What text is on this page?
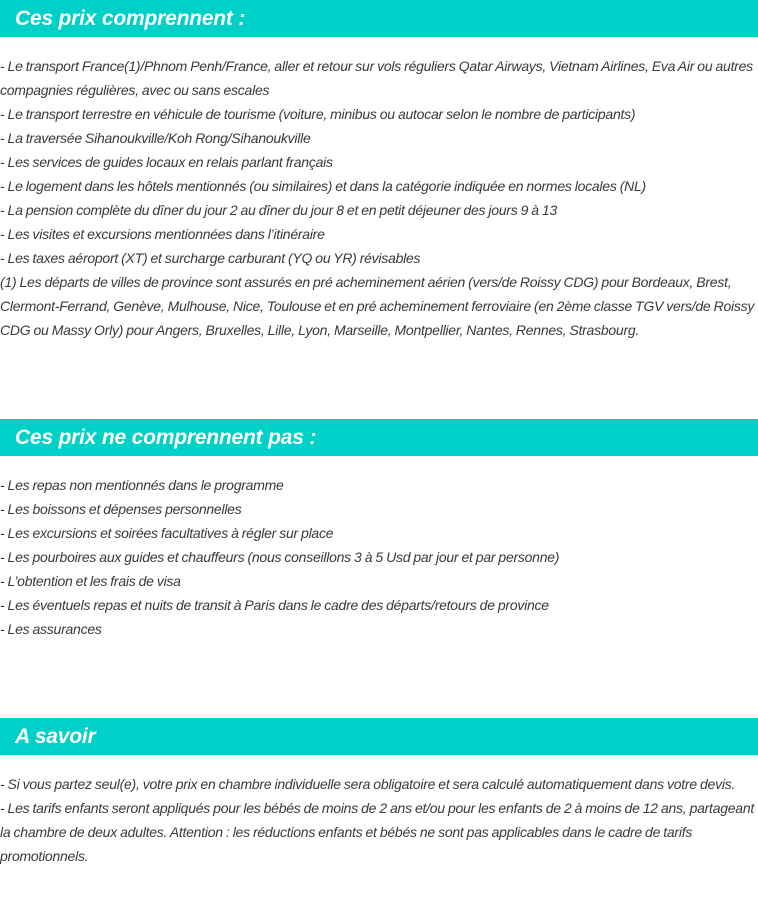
Ces prix comprennent :

- Le transport France(1)/Phnom Penh/France, aller et retour sur vols réguliers Qatar Airways, Vietnam Airlines, Eva Air ou autres compagnies régulières, avec ou sans escales

- Le transport terrestre en véhicule de tourisme (voiture, minibus ou autocar selon le nombre de participants)

- La traversée Sihanoukville/Koh Rong/Sihanoukville

- Les services de guides locaux en relais parlant français

- Le logement dans les hôtels mentionnés (ou similaires) et dans la catégorie indiquée en normes locales (NL)

- La pension complète du dîner du jour 2 au dîner du jour 8 et en petit déjeuner des jours 9 à 13

- Les visites et excursions mentionnées dans l’itinéraire

- Les taxes aéroport (XT) et surcharge carburant (YQ ou YR) révisables

(1) Les départs de villes de province sont assurés en pré acheminement aérien (vers/de Roissy CDG) pour Bordeaux, Brest, Clermont-Ferrand, Genève, Mulhouse, Nice, Toulouse et en pré acheminement ferroviaire (en 2ème classe TGV vers/de Roissy CDG ou Massy Orly) pour Angers, Bruxelles, Lille, Lyon, Marseille, Montpellier, Nantes, Rennes, Strasbourg.

Ces prix ne comprennent pas :

- Les repas non mentionnés dans le programme

- Les boissons et dépenses personnelles

- Les excursions et soirées facultatives à régler sur place

- Les pourboires aux guides et chauffeurs (nous conseillons 3 à 5 Usd par jour et par personne)

- L’obtention et les frais de visa

- Les éventuels repas et nuits de transit à Paris dans le cadre des départs/retours de province

- Les assurances

A savoir

- Si vous partez seul(e), votre prix en chambre individuelle sera obligatoire et sera calculé automatiquement dans votre devis.

- Les tarifs enfants seront appliqués pour les bébés de moins de 2 ans et/ou pour les enfants de 2 à moins de 12 ans, partageant la chambre de deux adultes. Attention : les réductions enfants et bébés ne sont pas applicables dans le cadre de tarifs promotionnels.
